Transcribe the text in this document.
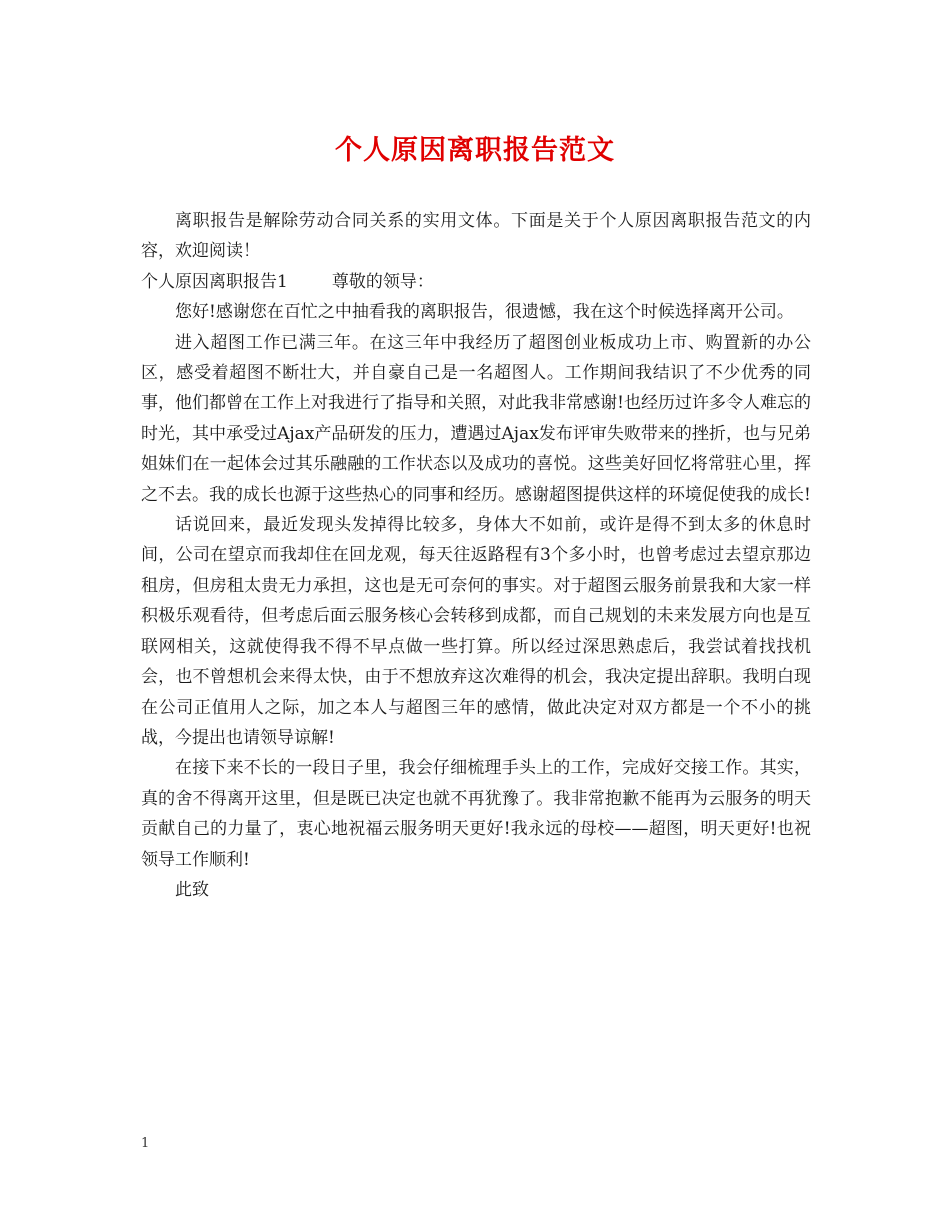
个人原因离职报告范文

离职报告是解除劳动合同关系的实用文体。下面是关于个人原因离职报告范文的内容，欢迎阅读！

个人原因离职报告1	尊敬的领导：

您好!感谢您在百忙之中抽看我的离职报告，很遗憾，我在这个时候选择离开公司。

进入超图工作已满三年。在这三年中我经历了超图创业板成功上市、购置新的办公区，感受着超图不断壮大，并自豪自己是一名超图人。工作期间我结识了不少优秀的同事，他们都曾在工作上对我进行了指导和关照，对此我非常感谢!也经历过许多令人难忘的时光，其中承受过Ajax产品研发的压力，遭遇过Ajax发布评审失败带来的挫折，也与兄弟姐妹们在一起体会过其乐融融的工作状态以及成功的喜悦。这些美好回忆将常驻心里，挥之不去。我的成长也源于这些热心的同事和经历。感谢超图提供这样的环境促使我的成长!

话说回来，最近发现头发掉得比较多，身体大不如前，或许是得不到太多的休息时间，公司在望京而我却住在回龙观，每天往返路程有3个多小时，也曾考虑过去望京那边租房，但房租太贵无力承担，这也是无可奈何的事实。对于超图云服务前景我和大家一样积极乐观看待，但考虑后面云服务核心会转移到成都，而自己规划的未来发展方向也是互联网相关，这就使得我不得不早点做一些打算。所以经过深思熟虑后，我尝试着找找机会，也不曾想机会来得太快，由于不想放弃这次难得的机会，我决定提出辞职。我明白现在公司正值用人之际，加之本人与超图三年的感情，做此决定对双方都是一个不小的挑战，今提出也请领导谅解!

在接下来不长的一段日子里，我会仔细梳理手头上的工作，完成好交接工作。其实，真的舍不得离开这里，但是既已决定也就不再犹豫了。我非常抱歉不能再为云服务的明天贡献自己的力量了，衷心地祝福云服务明天更好!我永远的母校——超图，明天更好!也祝领导工作顺利!

此致

1
